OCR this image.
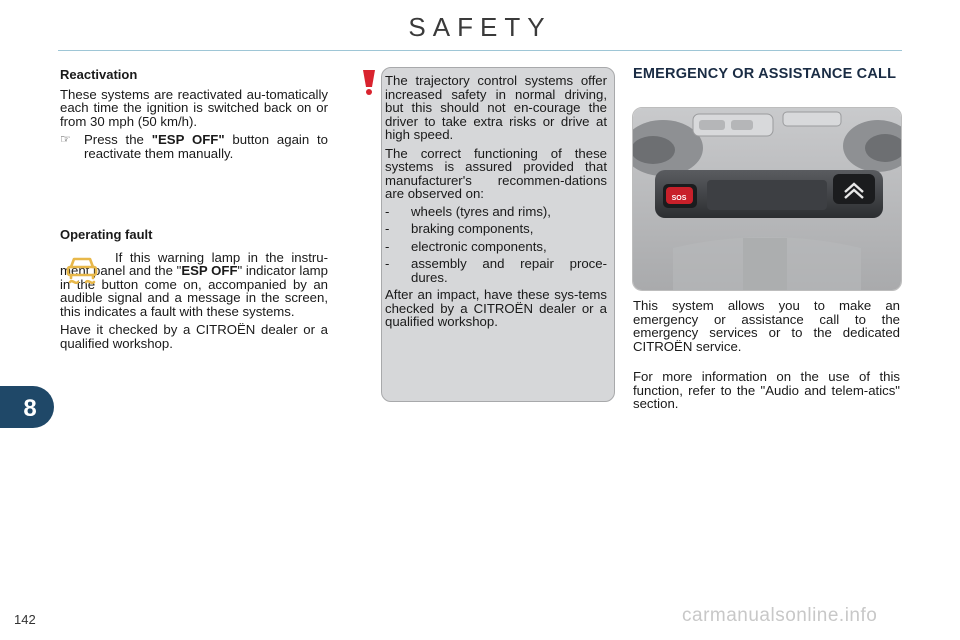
SAFETY
Reactivation

These systems are reactivated au-tomatically each time the ignition is switched back on or from 30 mph (50 km/h).

☞	Press the "ESP OFF" button again to reactivate them manually.
Operating fault

If this warning lamp in the instru-ment panel and the "ESP OFF" indicator lamp in the button come on, accompanied by an audible signal and a message in the screen, this indicates a fault with these systems.

Have it checked by a CITROËN dealer or a qualified workshop.

The trajectory control systems offer increased safety in normal driving, but this should not en-courage the driver to take extra risks or drive at high speed.

The correct functioning of these systems is assured provided that manufacturer's recommen-dations are observed on:

-	wheels (tyres and rims),
-	braking components,
-	electronic components,
-	assembly and repair proce-dures.

After an impact, have these sys-tems checked by a CITROËN dealer or a qualified workshop.

EMERGENCY OR ASSISTANCE CALL
SOS

This system allows you to make an emergency or assistance call to the emergency services or to the dedicated CITROËN service.

For more information on the use of this function, refer to the "Audio and telem-atics" section.

8
142	carmanualsonline.info
